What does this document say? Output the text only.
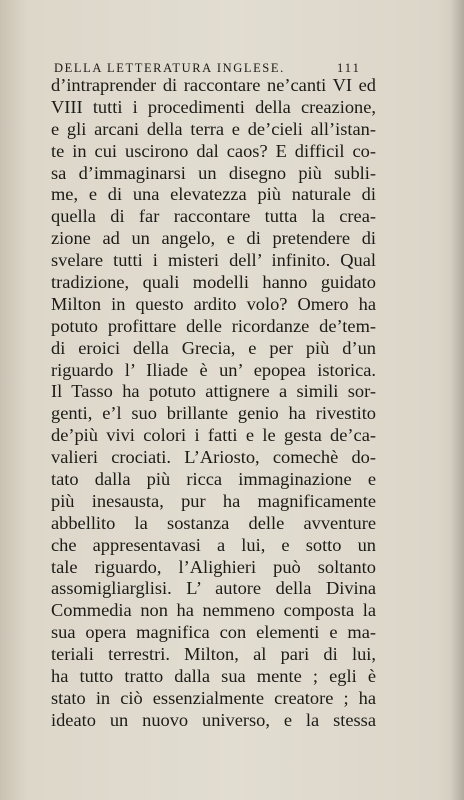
DELLA LETTERATURA INGLESE.	111
d’intraprender di raccontare ne’canti VI ed
VIII tutti i procedimenti della creazione,
e gli arcani della terra e de’cieli all’istan-
te in cui uscirono dal caos? E difficil co-
sa d’immaginarsi un disegno più subli-
me, e di una elevatezza più naturale di
quella di far raccontare tutta la crea-
zione ad un angelo, e di pretendere di
svelare tutti i misteri dell’ infinito. Qual
tradizione, quali modelli hanno guidato
Milton in questo ardito volo? Omero ha
potuto profittare delle ricordanze de’tem-
di eroici della Grecia, e per più d’un
riguardo l’ Iliade è un’ epopea istorica.
Il Tasso ha potuto attignere a simili sor-
genti, e’l suo brillante genio ha rivestito
de’più vivi colori i fatti e le gesta de’ca-
valieri crociati. L’Ariosto, comechè do-
tato dalla più ricca immaginazione e
più inesausta, pur ha magnificamente
abbellito la sostanza delle avventure
che appresentavasi a lui, e sotto un
tale riguardo, l’Alighieri può soltanto
assomigliarglisi. L’ autore della Divina
Commedia non ha nemmeno composta la
sua opera magnifica con elementi e ma-
teriali terrestri. Milton, al pari di lui,
ha tutto tratto dalla sua mente ; egli è
stato in ciò essenzialmente creatore ; ha
ideato un nuovo universo, e la stessa
